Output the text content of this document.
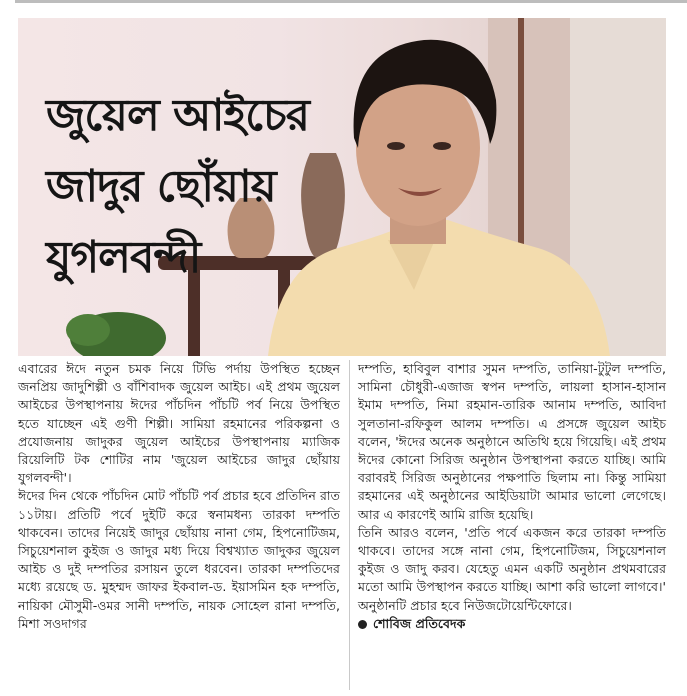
জুয়েল আইচের
জাদুর ছোঁয়ায়
যুগলবন্দী

এবারের ঈদে নতুন চমক নিয়ে টিভি পর্দায় উপস্থিত হচ্ছেন জনপ্রিয় জাদুশিল্পী ও বাঁশিবাদক জুয়েল আইচ। এই প্রথম জুয়েল আইচের উপস্থাপনায় ঈদের পাঁচদিন পাঁচটি পর্ব নিয়ে উপস্থিত হতে যাচ্ছেন এই গুণী শিল্পী। সামিয়া রহমানের পরিকল্পনা ও প্রযোজনায় জাদুকর জুয়েল আইচের উপস্থাপনায় ম্যাজিক রিয়েলিটি টক শোটির নাম 'জুয়েল আইচের জাদুর ছোঁয়ায় যুগলবন্দী'।

ঈদের দিন থেকে পাঁচদিন মোট পাঁচটি পর্ব প্রচার হবে প্রতিদিন রাত ১১টায়। প্রতিটি পর্বে দুইটি করে স্বনামধন্য তারকা দম্পতি থাকবেন। তাদের নিয়েই জাদুর ছোঁয়ায় নানা গেম, হিপনোটিজম, সিচুয়েশনাল কুইজ ও জাদুর মধ্য দিয়ে বিশ্বখ্যাত জাদুকর জুয়েল আইচ ও দুই দম্পতির রসায়ন তুলে ধরবেন। তারকা দম্পতিদের মধ্যে রয়েছে ড. মুহম্মদ জাফর ইকবাল-ড. ইয়াসমিন হক দম্পতি, নায়িকা মৌসুমী-ওমর সানী দম্পতি, নায়ক সোহেল রানা দম্পতি, মিশা সওদাগর

দম্পতি, হাবিবুল বাশার সুমন দম্পতি, তানিয়া-টুটুল দম্পতি, সামিনা চৌধুরী-এজাজ স্বপন দম্পতি, লায়লা হাসান-হাসান ইমাম দম্পতি, নিমা রহমান-তারিক আনাম দম্পতি, আবিদা সুলতানা-রফিকুল আলম দম্পতি। এ প্রসঙ্গে জুয়েল আইচ বলেন, 'ঈদের অনেক অনুষ্ঠানে অতিথি হয়ে গিয়েছি। এই প্রথম ঈদের কোনো সিরিজ অনুষ্ঠান উপস্থাপনা করতে যাচ্ছি। আমি বরাবরই সিরিজ অনুষ্ঠানের পক্ষপাতি ছিলাম না। কিন্তু সামিয়া রহমানের এই অনুষ্ঠানের আইডিয়াটা আমার ভালো লেগেছে। আর এ কারণেই আমি রাজি হয়েছি।

তিনি আরও বলেন, 'প্রতি পর্বে একজন করে তারকা দম্পতি থাকবে। তাদের সঙ্গে নানা গেম, হিপনোটিজম, সিচুয়েশনাল কুইজ ও জাদু করব। যেহেতু এমন একটি অনুষ্ঠান প্রথমবারের মতো আমি উপস্থাপন করতে যাচ্ছি। আশা করি ভালো লাগবে।' অনুষ্ঠানটি প্রচার হবে নিউজটোয়েন্টিফোরে।

শোবিজ প্রতিবেদক
